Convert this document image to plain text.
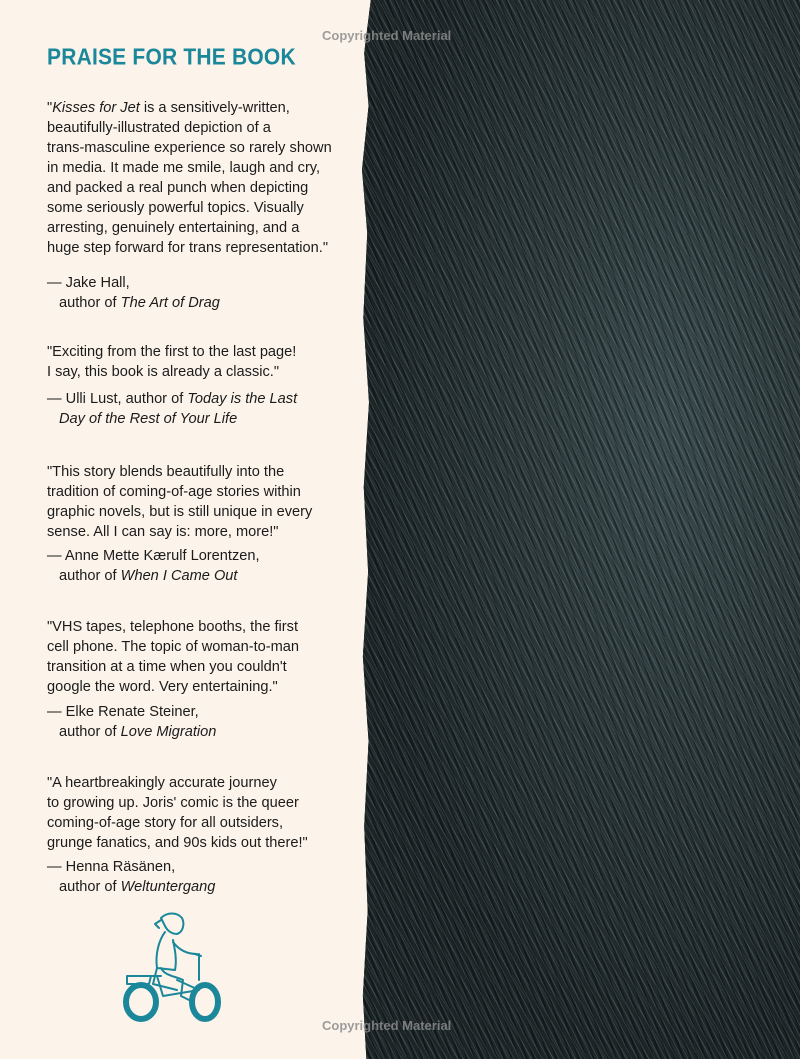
Copyrighted Material
Copyrighted Material
PRAISE FOR THE BOOK
"Kisses for Jet is a sensitively-written,
beautifully-illustrated depiction of a
trans-masculine experience so rarely shown
in media. It made me smile, laugh and cry,
and packed a real punch when depicting
some seriously powerful topics. Visually
arresting, genuinely entertaining, and a
huge step forward for trans representation."
— Jake Hall,
author of The Art of Drag
"Exciting from the first to the last page!
I say, this book is already a classic."
— Ulli Lust, author of Today is the Last
Day of the Rest of Your Life
"This story blends beautifully into the
tradition of coming-of-age stories within
graphic novels, but is still unique in every
sense. All I can say is: more, more!"
— Anne Mette Kærulf Lorentzen,
author of When I Came Out
"VHS tapes, telephone booths, the first
cell phone. The topic of woman-to-man
transition at a time when you couldn't
google the word. Very entertaining."
— Elke Renate Steiner,
author of Love Migration
"A heartbreakingly accurate journey
to growing up. Joris' comic is the queer
coming-of-age story for all outsiders,
grunge fanatics, and 90s kids out there!"
— Henna Räsänen,
author of Weltuntergang
